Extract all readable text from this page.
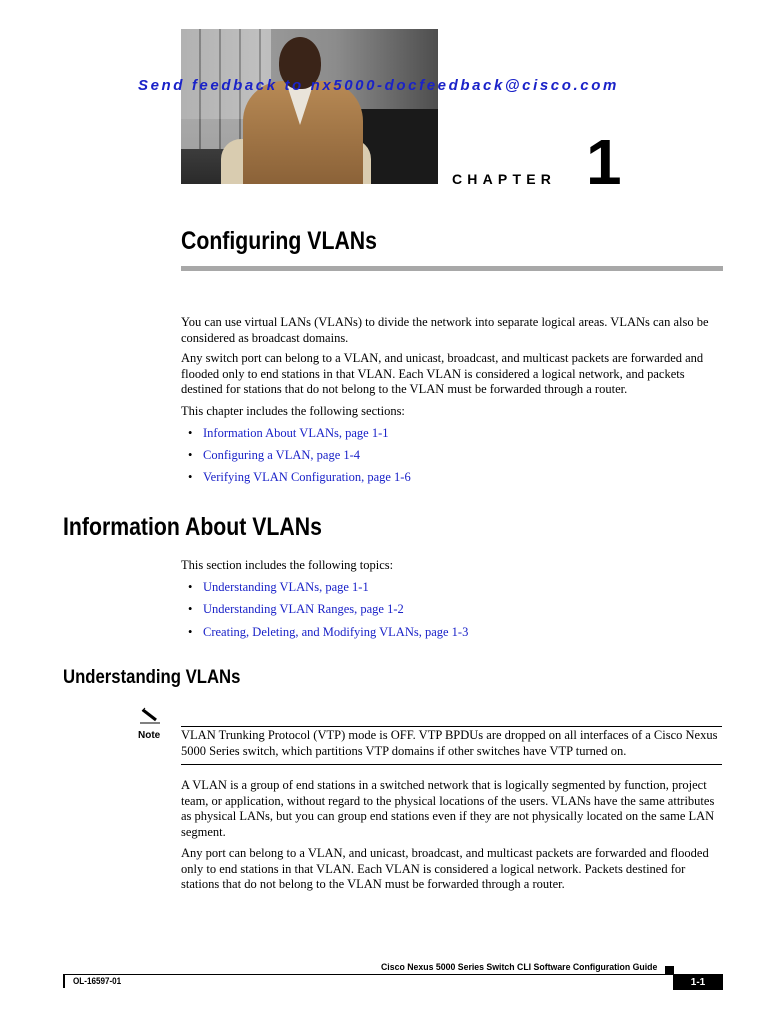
Send feedback to nx5000-docfeedback@cisco.com
CHAPTER 1
Configuring VLANs
You can use virtual LANs (VLANs) to divide the network into separate logical areas. VLANs can also be considered as broadcast domains.
Any switch port can belong to a VLAN, and unicast, broadcast, and multicast packets are forwarded and flooded only to end stations in that VLAN. Each VLAN is considered a logical network, and packets destined for stations that do not belong to the VLAN must be forwarded through a router.
This chapter includes the following sections:
• Information About VLANs, page 1-1
• Configuring a VLAN, page 1-4
• Verifying VLAN Configuration, page 1-6
Information About VLANs
This section includes the following topics:
• Understanding VLANs, page 1-1
• Understanding VLAN Ranges, page 1-2
• Creating, Deleting, and Modifying VLANs, page 1-3
Understanding VLANs
Note VLAN Trunking Protocol (VTP) mode is OFF. VTP BPDUs are dropped on all interfaces of a Cisco Nexus 5000 Series switch, which partitions VTP domains if other switches have VTP turned on.
A VLAN is a group of end stations in a switched network that is logically segmented by function, project team, or application, without regard to the physical locations of the users. VLANs have the same attributes as physical LANs, but you can group end stations even if they are not physically located on the same LAN segment.
Any port can belong to a VLAN, and unicast, broadcast, and multicast packets are forwarded and flooded only to end stations in that VLAN. Each VLAN is considered a logical network. Packets destined for stations that do not belong to the VLAN must be forwarded through a router.
Cisco Nexus 5000 Series Switch CLI Software Configuration Guide
OL-16597-01	1-1
